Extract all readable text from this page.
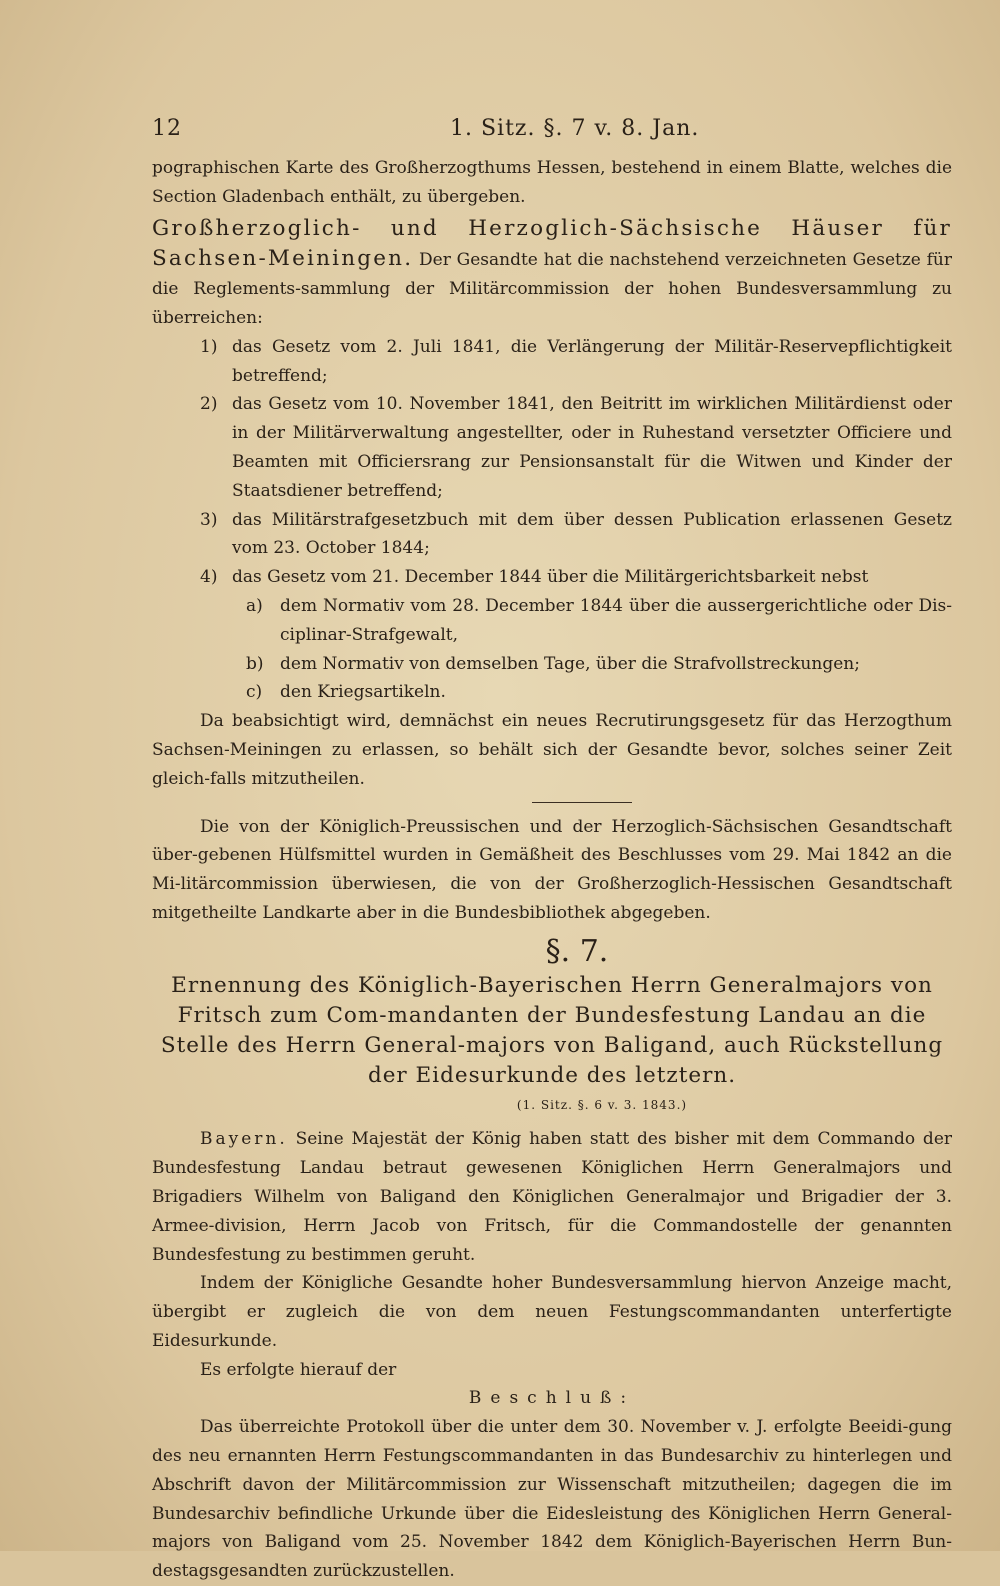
12	1. Sitz. §. 7 v. 8. Jan.

pographischen Karte des Großherzogthums Hessen, bestehend in einem Blatte, welches die Section Gladenbach enthält, zu übergeben.

Großherzoglich- und Herzoglich-Sächsische Häuser für Sachsen-Meiningen. Der Gesandte hat die nachstehend verzeichneten Gesetze für die Reglements-sammlung der Militärcommission der hohen Bundesversammlung zu überreichen:

1) das Gesetz vom 2. Juli 1841, die Verlängerung der Militär-Reservepflichtigkeit betreffend;
2) das Gesetz vom 10. November 1841, den Beitritt im wirklichen Militärdienst oder in der Militärverwaltung angestellter, oder in Ruhestand versetzter Officiere und Beamten mit Officiersrang zur Pensionsanstalt für die Witwen und Kinder der Staatsdiener betreffend;
3) das Militärstrafgesetzbuch mit dem über dessen Publication erlassenen Gesetz vom 23. October 1844;
4) das Gesetz vom 21. December 1844 über die Militärgerichtsbarkeit nebst
a) dem Normativ vom 28. December 1844 über die aussergerichtliche oder Dis-ciplinar-Strafgewalt,
b) dem Normativ von demselben Tage, über die Strafvollstreckungen;
c) den Kriegsartikeln.

Da beabsichtigt wird, demnächst ein neues Recrutirungsgesetz für das Herzogthum Sachsen-Meiningen zu erlassen, so behält sich der Gesandte bevor, solches seiner Zeit gleich-falls mitzutheilen.

Die von der Königlich-Preussischen und der Herzoglich-Sächsischen Gesandtschaft über-gebenen Hülfsmittel wurden in Gemäßheit des Beschlusses vom 29. Mai 1842 an die Mi-litärcommission überwiesen, die von der Großherzoglich-Hessischen Gesandtschaft mitgetheilte Landkarte aber in die Bundesbibliothek abgegeben.

§. 7.
Ernennung des Königlich-Bayerischen Herrn Generalmajors von Fritsch zum Com-mandanten der Bundesfestung Landau an die Stelle des Herrn General-majors von Baligand, auch Rückstellung der Eidesurkunde des letztern.
(1. Sitz. §. 6 v. 3. 1843.)

Bayern. Seine Majestät der König haben statt des bisher mit dem Commando der Bundesfestung Landau betraut gewesenen Königlichen Herrn Generalmajors und Brigadiers Wilhelm von Baligand den Königlichen Generalmajor und Brigadier der 3. Armee-division, Herrn Jacob von Fritsch, für die Commandostelle der genannten Bundesfestung zu bestimmen geruht.

Indem der Königliche Gesandte hoher Bundesversammlung hiervon Anzeige macht, übergibt er zugleich die von dem neuen Festungscommandanten unterfertigte Eidesurkunde.

Es erfolgte hierauf der

Beschluß:

Das überreichte Protokoll über die unter dem 30. November v. J. erfolgte Beeidi-gung des neu ernannten Herrn Festungscommandanten in das Bundesarchiv zu hinterlegen und Abschrift davon der Militärcommission zur Wissenschaft mitzutheilen; dagegen die im Bundesarchiv befindliche Urkunde über die Eidesleistung des Königlichen Herrn General-majors von Baligand vom 25. November 1842 dem Königlich-Bayerischen Herrn Bun-destagsgesandten zurückzustellen.
